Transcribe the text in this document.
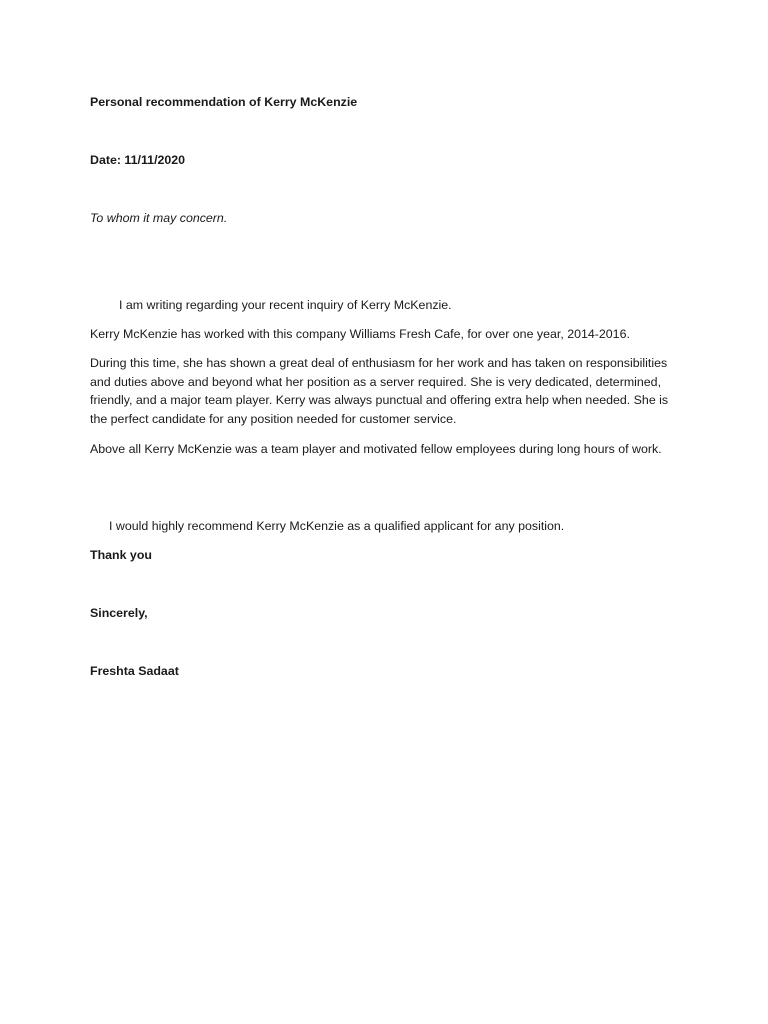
Personal recommendation of Kerry McKenzie

Date: 11/11/2020

To whom it may concern.

I am writing regarding your recent inquiry of Kerry McKenzie.

Kerry McKenzie has worked with this company Williams Fresh Cafe, for over one year, 2014-2016.

During this time, she has shown a great deal of enthusiasm for her work and has taken on responsibilities and duties above and beyond what her position as a server required. She is very dedicated, determined, friendly, and a major team player. Kerry was always punctual and offering extra help when needed. She is the perfect candidate for any position needed for customer service.

Above all Kerry McKenzie was a team player and motivated fellow employees during long hours of work.

I would highly recommend Kerry McKenzie as a qualified applicant for any position.

Thank you

Sincerely,

Freshta Sadaat
